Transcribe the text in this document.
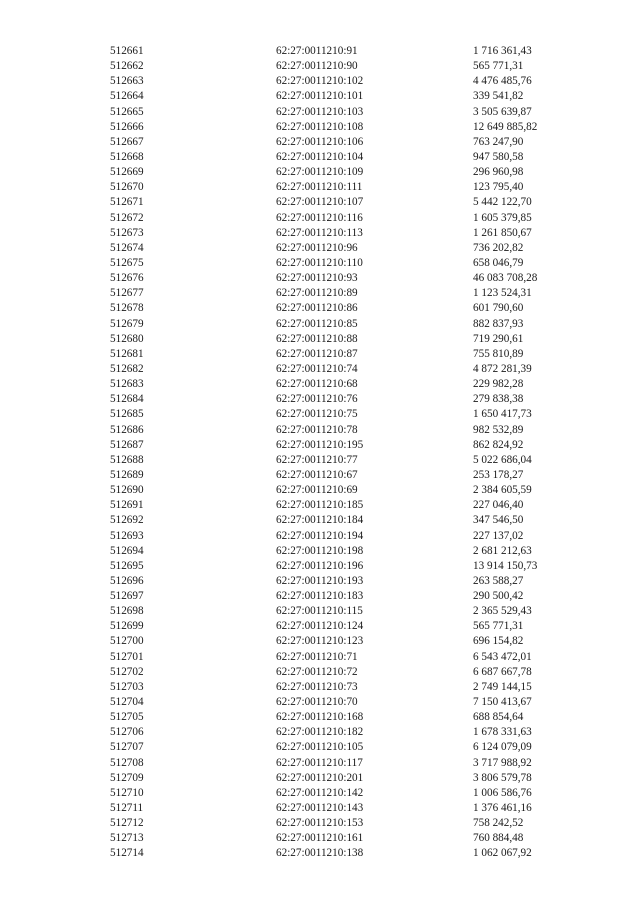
512661	62:27:0011210:91	1 716 361,43
512662	62:27:0011210:90	565 771,31
512663	62:27:0011210:102	4 476 485,76
512664	62:27:0011210:101	339 541,82
512665	62:27:0011210:103	3 505 639,87
512666	62:27:0011210:108	12 649 885,82
512667	62:27:0011210:106	763 247,90
512668	62:27:0011210:104	947 580,58
512669	62:27:0011210:109	296 960,98
512670	62:27:0011210:111	123 795,40
512671	62:27:0011210:107	5 442 122,70
512672	62:27:0011210:116	1 605 379,85
512673	62:27:0011210:113	1 261 850,67
512674	62:27:0011210:96	736 202,82
512675	62:27:0011210:110	658 046,79
512676	62:27:0011210:93	46 083 708,28
512677	62:27:0011210:89	1 123 524,31
512678	62:27:0011210:86	601 790,60
512679	62:27:0011210:85	882 837,93
512680	62:27:0011210:88	719 290,61
512681	62:27:0011210:87	755 810,89
512682	62:27:0011210:74	4 872 281,39
512683	62:27:0011210:68	229 982,28
512684	62:27:0011210:76	279 838,38
512685	62:27:0011210:75	1 650 417,73
512686	62:27:0011210:78	982 532,89
512687	62:27:0011210:195	862 824,92
512688	62:27:0011210:77	5 022 686,04
512689	62:27:0011210:67	253 178,27
512690	62:27:0011210:69	2 384 605,59
512691	62:27:0011210:185	227 046,40
512692	62:27:0011210:184	347 546,50
512693	62:27:0011210:194	227 137,02
512694	62:27:0011210:198	2 681 212,63
512695	62:27:0011210:196	13 914 150,73
512696	62:27:0011210:193	263 588,27
512697	62:27:0011210:183	290 500,42
512698	62:27:0011210:115	2 365 529,43
512699	62:27:0011210:124	565 771,31
512700	62:27:0011210:123	696 154,82
512701	62:27:0011210:71	6 543 472,01
512702	62:27:0011210:72	6 687 667,78
512703	62:27:0011210:73	2 749 144,15
512704	62:27:0011210:70	7 150 413,67
512705	62:27:0011210:168	688 854,64
512706	62:27:0011210:182	1 678 331,63
512707	62:27:0011210:105	6 124 079,09
512708	62:27:0011210:117	3 717 988,92
512709	62:27:0011210:201	3 806 579,78
512710	62:27:0011210:142	1 006 586,76
512711	62:27:0011210:143	1 376 461,16
512712	62:27:0011210:153	758 242,52
512713	62:27:0011210:161	760 884,48
512714	62:27:0011210:138	1 062 067,92
